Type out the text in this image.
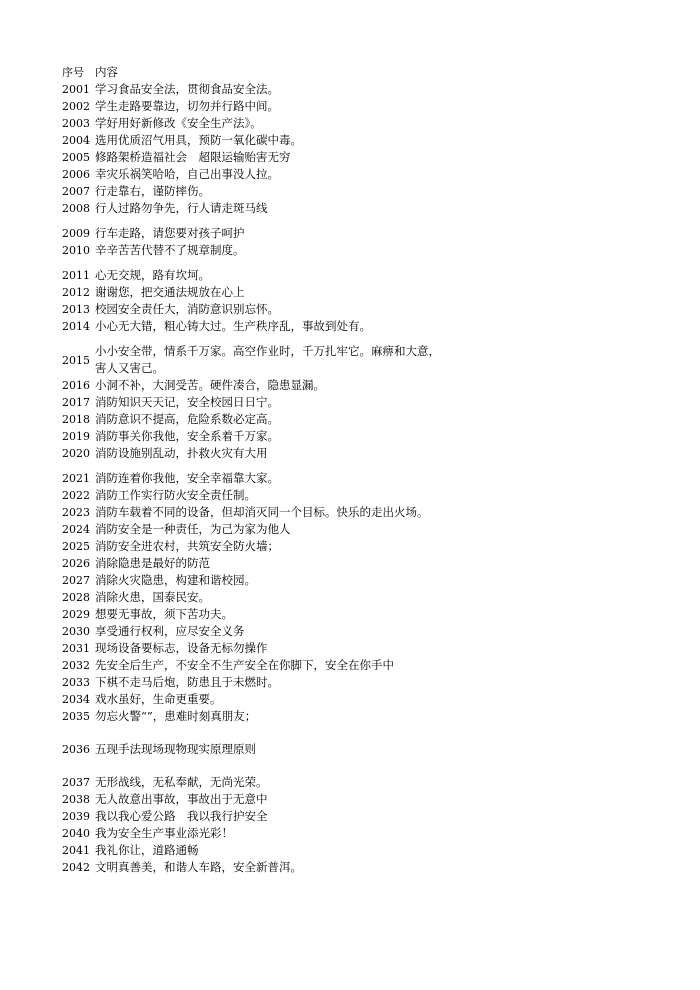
序号 内容
2001 学习食品安全法，贯彻食品安全法。
2002 学生走路要靠边，切勿并行路中间。
2003 学好用好新修改《安全生产法》。
2004 选用优质沼气用具，预防一氧化碳中毒。
2005 修路架桥造福社会　超限运输贻害无穷
2006 幸灾乐祸笑哈哈，自己出事没人拉。
2007 行走靠右，谨防摔伤。
2008 行人过路勿争先，行人请走斑马线
2009 行车走路，请您要对孩子呵护
2010 辛辛苦苦代替不了规章制度。
2011 心无交规，路有坎坷。
2012 谢谢您，把交通法规放在心上
2013 校园安全责任大，消防意识别忘怀。
2014 小心无大错，粗心铸大过。生产秩序乱，事故到处有。
2015
小小安全带，情系千万家。高空作业时，千万扎牢它。麻痹和大意，害人又害己。
2016 小洞不补，大洞受苦。硬件凑合，隐患显漏。
2017 消防知识天天记，安全校园日日宁。
2018 消防意识不提高，危险系数必定高。
2019 消防事关你我他，安全系着千万家。
2020 消防设施别乱动，扑救火灾有大用
2021 消防连着你我他，安全幸福靠大家。
2022 消防工作实行防火安全责任制。
2023 消防车载着不同的设备，但却消灭同一个目标。快乐的走出火场。
2024 消防安全是一种责任，为己为家为他人
2025 消防安全进农村，共筑安全防火墙；
2026 消除隐患是最好的防范
2027 消除火灾隐患，构建和谐校园。
2028 消除火患，国泰民安。
2029 想要无事故，须下苦功夫。
2030 享受通行权利，应尽安全义务
2031 现场设备要标志，设备无标勿操作
2032 先安全后生产，不安全不生产安全在你脚下，安全在你手中
2033 下棋不走马后炮，防患且于未燃时。
2034 戏水虽好，生命更重要。
2035 勿忘火警“”，患难时刻真朋友；
2036 五现手法现场现物现实原理原则
2037 无形战线，无私奉献，无尚光荣。
2038 无人故意出事故，事故出于无意中
2039 我以我心爱公路　我以我行护安全
2040 我为安全生产事业添光彩！
2041 我礼你让，道路通畅
2042 文明真善美，和谐人车路，安全新普洱。
